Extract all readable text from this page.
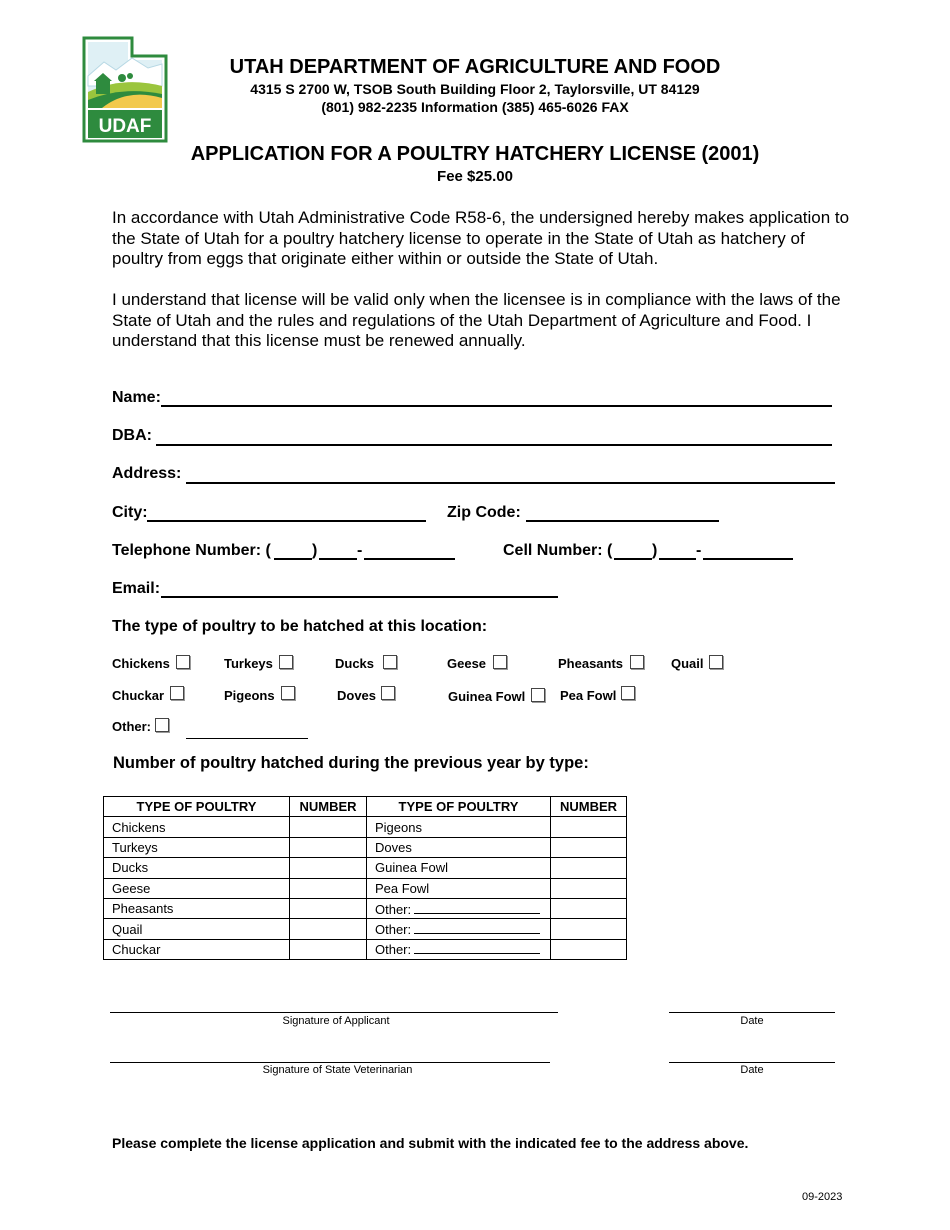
UDAF
UTAH DEPARTMENT OF AGRICULTURE AND FOOD
4315 S 2700 W, TSOB South Building Floor 2, Taylorsville, UT 84129
(801) 982-2235 Information (385) 465-6026 FAX
APPLICATION FOR A POULTRY HATCHERY LICENSE (2001)
Fee $25.00
In accordance with Utah Administrative Code R58-6, the undersigned hereby makes application to the State of Utah for a poultry hatchery license to operate in the State of Utah as hatchery of poultry from eggs that originate either within or outside the State of Utah.
I understand that license will be valid only when the licensee is in compliance with the laws of the State of Utah and the rules and regulations of the Utah Department of Agriculture and Food. I understand that this license must be renewed annually.
Name:
DBA:
Address:
City:	Zip Code:
Telephone Number: (	) -	Cell Number: ( ) -
Email:
The type of poultry to be hatched at this location:
Chickens	Turkeys	Ducks	Geese	Pheasants	Quail
Chuckar	Pigeons	Doves	Guinea Fowl	Pea Fowl
Other:
Number of poultry hatched during the previous year by type:
TYPE OF POULTRY	NUMBER	TYPE OF POULTRY	NUMBER
Chickens		Pigeons	
Turkeys		Doves	
Ducks		Guinea Fowl	
Geese		Pea Fowl	
Pheasants		Other:	
Quail		Other:	
Chuckar		Other:	
Signature of Applicant	Date
Signature of State Veterinarian	Date
Please complete the license application and submit with the indicated fee to the address above.
09-2023
